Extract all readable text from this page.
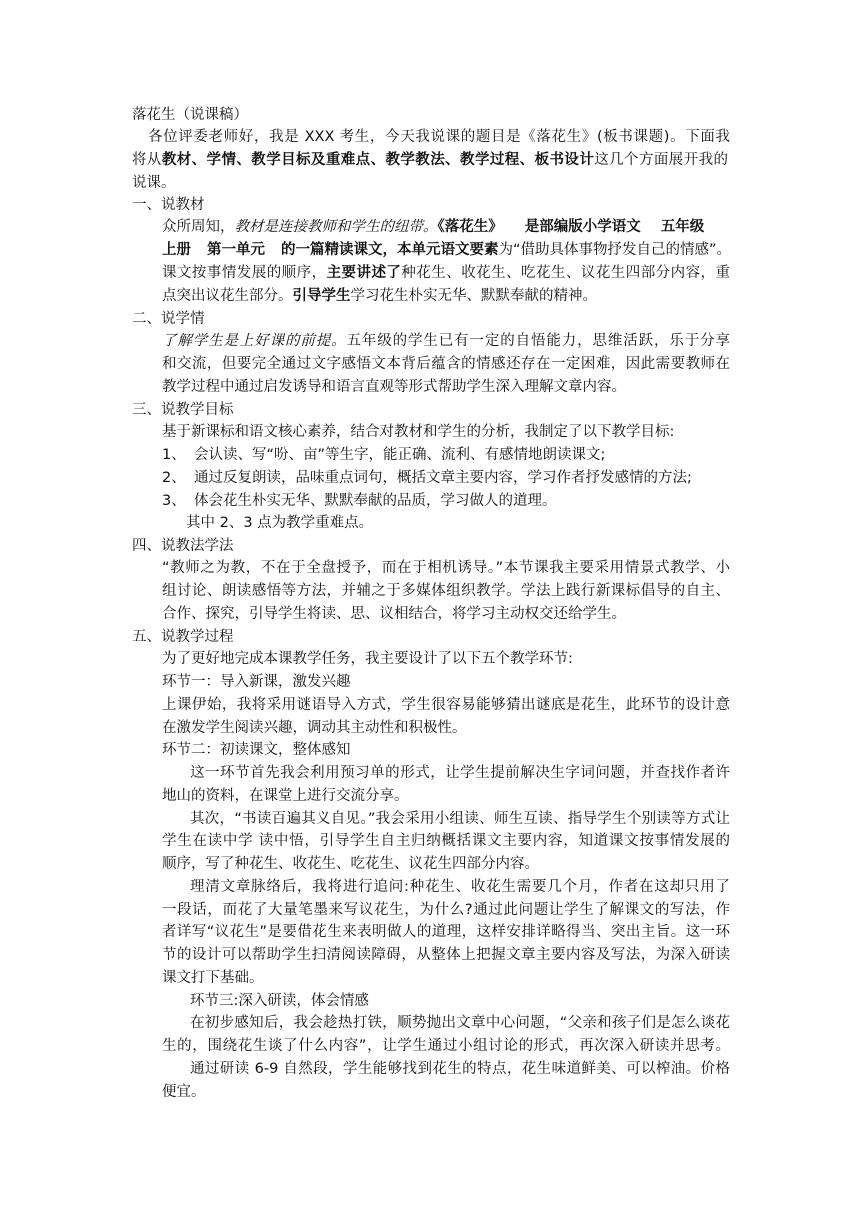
落花生（说课稿）
各位评委老师好，我是 XXX 考生，今天我说课的题目是《落花生》(板书课题)。下面我
将从教材、学情、教学目标及重难点、教学教法、教学过程、板书设计这几个方面展开我的
说课。
一、说教材
众所周知，教材是连接教师和学生的纽带。《落花生》 是部编版小学语文 五年级
上册 第一单元 的一篇精读课文，本单元语文要素为“借助具体事物抒发自己的情感”。
课文按事情发展的顺序，主要讲述了种花生、收花生、吃花生、议花生四部分内容，重
点突出议花生部分。引导学生学习花生朴实无华、默默奉献的精神。
二、说学情
了解学生是上好课的前提。五年级的学生已有一定的自悟能力，思维活跃，乐于分享
和交流，但要完全通过文字感悟文本背后蕴含的情感还存在一定困难，因此需要教师在
教学过程中通过启发诱导和语言直观等形式帮助学生深入理解文章内容。
三、说教学目标
基于新课标和语文核心素养，结合对教材和学生的分析，我制定了以下教学目标:
1、 会认读、写“吩、亩”等生字，能正确、流利、有感情地朗读课文;
2、 通过反复朗读，品味重点词句，概括文章主要内容，学习作者抒发感情的方法;
3、 体会花生朴实无华、默默奉献的品质，学习做人的道理。
其中 2、3 点为教学重难点。
四、说教法学法
“教师之为教，不在于全盘授予，而在于相机诱导。”本节课我主要采用情景式教学、小
组讨论、朗读感悟等方法，并辅之于多媒体组织教学。学法上践行新课标倡导的自主、
合作、探究，引导学生将读、思、议相结合，将学习主动权交还给学生。
五、说教学过程
为了更好地完成本课教学任务，我主要设计了以下五个教学环节:
环节一：导入新课，激发兴趣
上课伊始，我将采用谜语导入方式，学生很容易能够猜出谜底是花生，此环节的设计意
在激发学生阅读兴趣，调动其主动性和积极性。
环节二：初读课文，整体感知
这一环节首先我会利用预习单的形式，让学生提前解决生字词问题，并查找作者许
地山的资料，在课堂上进行交流分享。
其次，“书读百遍其义自见。”我会采用小组读、师生互读、指导学生个别读等方式让
学生在读中学 读中悟，引导学生自主归纳概括课文主要内容，知道课文按事情发展的
顺序，写了种花生、收花生、吃花生、议花生四部分内容。
理清文章脉络后，我将进行追问:种花生、收花生需要几个月，作者在这却只用了
一段话，而花了大量笔墨来写议花生，为什么?通过此问题让学生了解课文的写法，作
者详写“议花生”是要借花生来表明做人的道理，这样安排详略得当、突出主旨。这一环
节的设计可以帮助学生扫清阅读障碍，从整体上把握文章主要内容及写法，为深入研读
课文打下基础。
环节三:深入研读，体会情感
在初步感知后，我会趁热打铁，顺势抛出文章中心问题，“父亲和孩子们是怎么谈花
生的，围绕花生谈了什么内容”，让学生通过小组讨论的形式，再次深入研读并思考。
通过研读 6-9 自然段，学生能够找到花生的特点，花生味道鲜美、可以榨油。价格
便宜。
